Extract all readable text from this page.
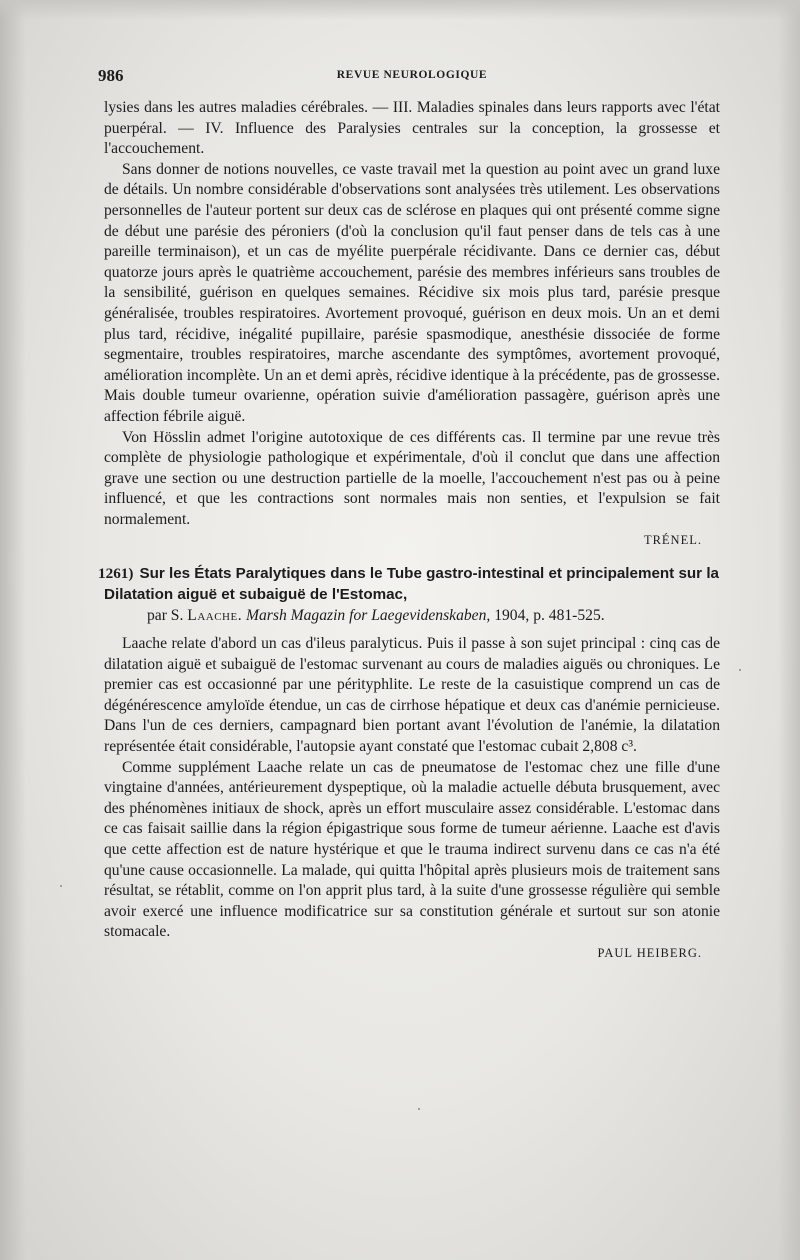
986	REVUE NEUROLOGIQUE

lysies dans les autres maladies cérébrales. — III. Maladies spinales dans leurs rapports avec l'état puerpéral. — IV. Influence des Paralysies centrales sur la conception, la grossesse et l'accouchement.

Sans donner de notions nouvelles, ce vaste travail met la question au point avec un grand luxe de détails. Un nombre considérable d'observations sont analysées très utilement. Les observations personnelles de l'auteur portent sur deux cas de sclérose en plaques qui ont présenté comme signe de début une parésie des péroniers (d'où la conclusion qu'il faut penser dans de tels cas à une pareille terminaison), et un cas de myélite puerpérale récidivante. Dans ce dernier cas, début quatorze jours après le quatrième accouchement, parésie des membres inférieurs sans troubles de la sensibilité, guérison en quelques semaines. Récidive six mois plus tard, parésie presque généralisée, troubles respiratoires. Avortement provoqué, guérison en deux mois. Un an et demi plus tard, récidive, inégalité pupillaire, parésie spasmodique, anesthésie dissociée de forme segmentaire, troubles respiratoires, marche ascendante des symptômes, avortement provoqué, amélioration incomplète. Un an et demi après, récidive identique à la précédente, pas de grossesse. Mais double tumeur ovarienne, opération suivie d'amélioration passagère, guérison après une affection fébrile aiguë.

Von Hösslin admet l'origine autotoxique de ces différents cas. Il termine par une revue très complète de physiologie pathologique et expérimentale, d'où il conclut que dans une affection grave une section ou une destruction partielle de la moelle, l'accouchement n'est pas ou à peine influencé, et que les contractions sont normales mais non senties, et l'expulsion se fait normalement.

TRÉNEL.
1261) Sur les États Paralytiques dans le Tube gastro-intestinal et principalement sur la Dilatation aiguë et subaiguë de l'Estomac,
par S. Laache. Marsh Magazin for Laegevidenskaben, 1904, p. 481-525.

Laache relate d'abord un cas d'ileus paralyticus. Puis il passe à son sujet principal : cinq cas de dilatation aiguë et subaiguë de l'estomac survenant au cours de maladies aiguës ou chroniques. Le premier cas est occasionné par une pérityphlite. Le reste de la casuistique comprend un cas de dégénérescence amyloïde étendue, un cas de cirrhose hépatique et deux cas d'anémie pernicieuse. Dans l'un de ces derniers, campagnard bien portant avant l'évolution de l'anémie, la dilatation représentée était considérable, l'autopsie ayant constaté que l'estomac cubait 2,808 c³.

Comme supplément Laache relate un cas de pneumatose de l'estomac chez une fille d'une vingtaine d'années, antérieurement dyspeptique, où la maladie actuelle débuta brusquement, avec des phénomènes initiaux de shock, après un effort musculaire assez considérable. L'estomac dans ce cas faisait saillie dans la région épigastrique sous forme de tumeur aérienne. Laache est d'avis que cette affection est de nature hystérique et que le trauma indirect survenu dans ce cas n'a été qu'une cause occasionnelle. La malade, qui quitta l'hôpital après plusieurs mois de traitement sans résultat, se rétablit, comme on l'on apprit plus tard, à la suite d'une grossesse régulière qui semble avoir exercé une influence modificatrice sur sa constitution générale et surtout sur son atonie stomacale.

PAUL HEIBERG.
